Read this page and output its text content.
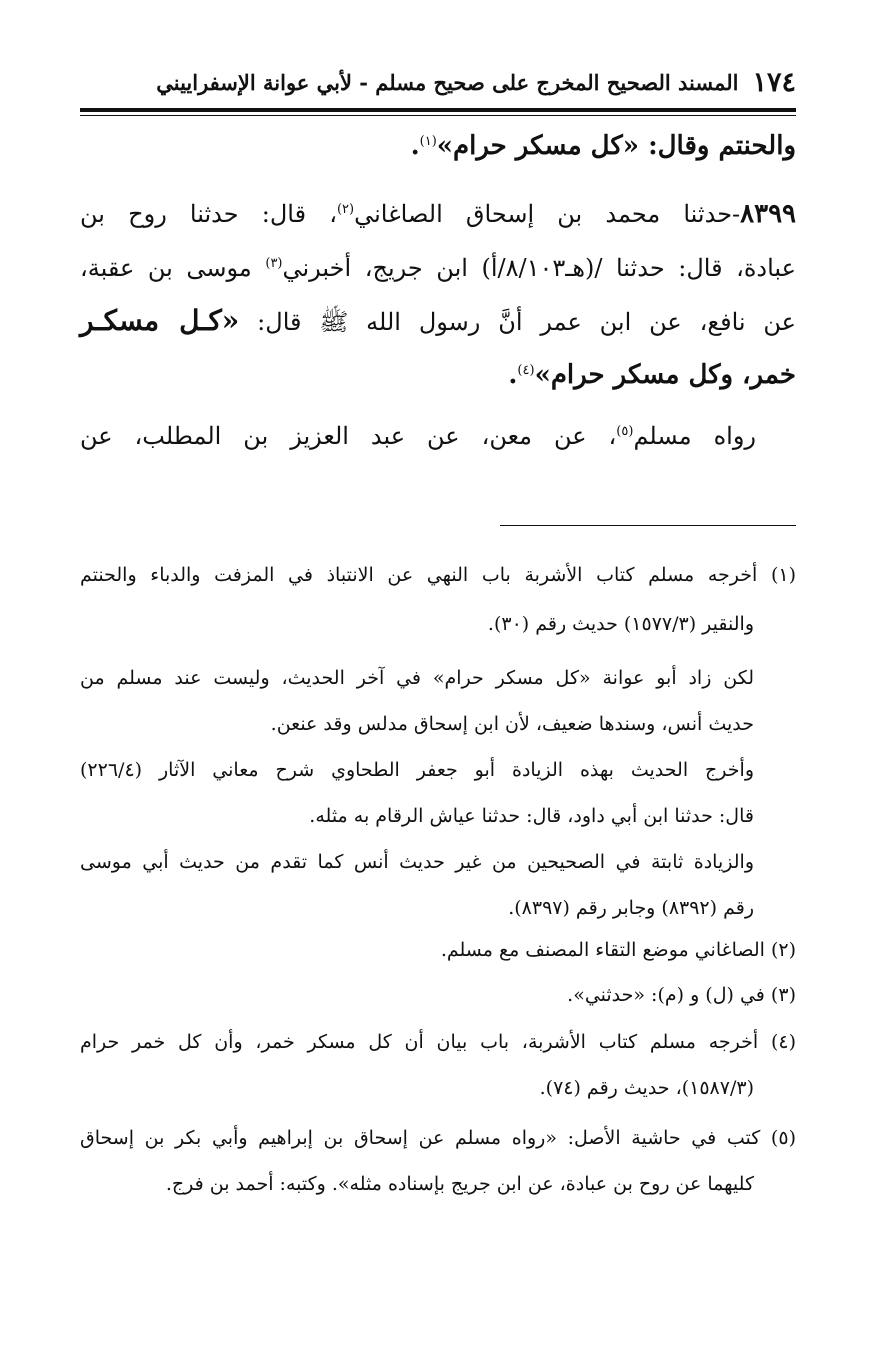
١٧٤
المسند الصحيح المخرج على صحيح مسلم - لأبي عوانة الإسفراييني
والحنتم وقال: «كل مسكر حرام»$^{(١)}$.
٨٣٩٩-حدثنا محمد بن إسحاق الصاغاني$^{(٢)}$، قال: حدثنا روح بن
عبادة، قال: حدثنا /(هـ٨/١٠٣/أ) ابن جريج، أخبرني$^{(٣)}$ موسى بن عقبة،
عن نافع، عن ابن عمر أنَّ رسول الله ﷺ قال: «كـل مسكـر
خمر، وكل مسكر حرام»$^{(٤)}$.
رواه مسلم$^{(٥)}$، عن معن، عن عبد العزيز بن المطلب، عن
(١) أخرجه مسلم كتاب الأشربة باب النهي عن الانتباذ في المزفت والدباء والحنتم
والنقير (١٥٧٧/٣) حديث رقم (٣٠).
لكن زاد أبو عوانة «كل مسكر حرام» في آخر الحديث، وليست عند مسلم من
حديث أنس، وسندها ضعيف، لأن ابن إسحاق مدلس وقد عنعن.
وأخرج الحديث بهذه الزيادة أبو جعفر الطحاوي شرح معاني الآثار (٢٢٦/٤)
قال: حدثنا ابن أبي داود، قال: حدثنا عياش الرقام به مثله.
والزيادة ثابتة في الصحيحين من غير حديث أنس كما تقدم من حديث أبي موسى
رقم (٨٣٩٢) وجابر رقم (٨٣٩٧).
(٢) الصاغاني موضع التقاء المصنف مع مسلم.
(٣) في (ل) و (م): «حدثني».
(٤) أخرجه مسلم كتاب الأشربة، باب بيان أن كل مسكر خمر، وأن كل خمر حرام
(١٥٨٧/٣)، حديث رقم (٧٤).
(٥) كتب في حاشية الأصل: «رواه مسلم عن إسحاق بن إبراهيم وأبي بكر بن إسحاق
كليهما عن روح بن عبادة، عن ابن جريج بإسناده مثله». وكتبه: أحمد بن فرج.
